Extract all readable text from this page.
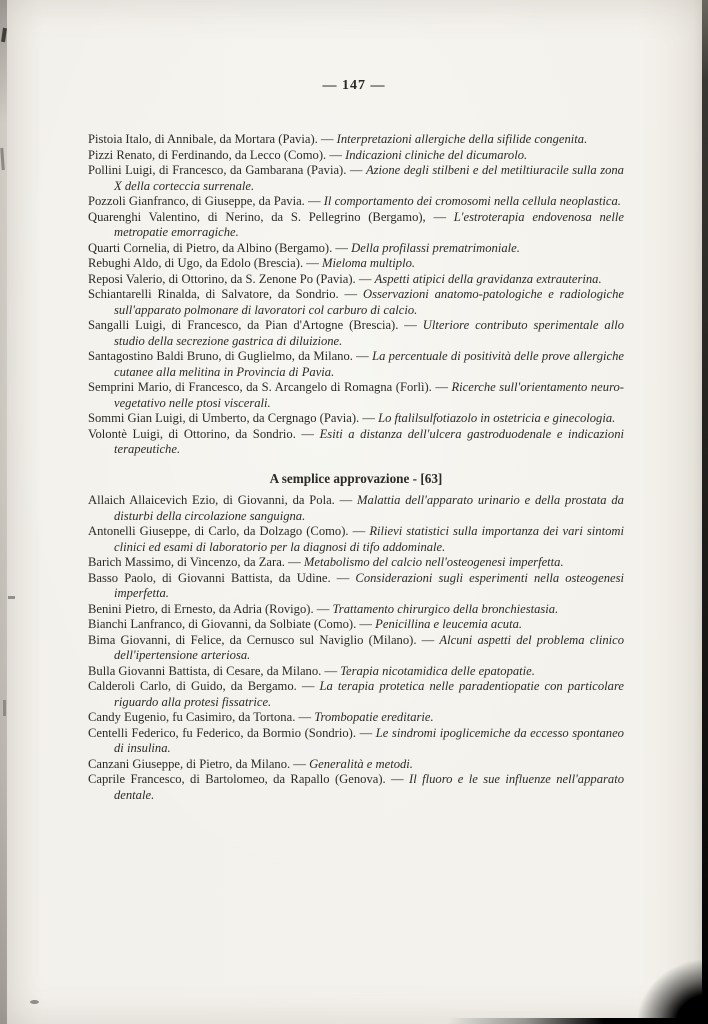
— 147 —

Pistoia Italo, di Annibale, da Mortara (Pavia). — Interpretazioni allergiche della sifilide congenita.

Pizzi Renato, di Ferdinando, da Lecco (Como). — Indicazioni cliniche del dicumarolo.

Pollini Luigi, di Francesco, da Gambarana (Pavia). — Azione degli stilbeni e del metiltiuracile sulla zona X della corteccia surrenale.

Pozzoli Gianfranco, di Giuseppe, da Pavia. — Il comportamento dei cromosomi nella cellula neoplastica.

Quarenghi Valentino, di Nerino, da S. Pellegrino (Bergamo), — L'estroterapia endovenosa nelle metropatie emorragiche.

Quarti Cornelia, di Pietro, da Albino (Bergamo). — Della profilassi prematrimoniale.

Rebughi Aldo, di Ugo, da Edolo (Brescia). — Mieloma multiplo.

Reposi Valerio, di Ottorino, da S. Zenone Po (Pavia). — Aspetti atipici della gravidanza extrauterina.

Schiantarelli Rinalda, di Salvatore, da Sondrio. — Osservazioni anatomo-patologiche e radiologiche sull'apparato polmonare di lavoratori col carburo di calcio.

Sangalli Luigi, di Francesco, da Pian d'Artogne (Brescia). — Ulteriore contributo sperimentale allo studio della secrezione gastrica di diluizione.

Santagostino Baldi Bruno, di Guglielmo, da Milano. — La percentuale di positività delle prove allergiche cutanee alla melitina in Provincia di Pavia.

Semprini Mario, di Francesco, da S. Arcangelo di Romagna (Forlì). — Ricerche sull'orientamento neuro-vegetativo nelle ptosi viscerali.

Sommi Gian Luigi, di Umberto, da Cergnago (Pavia). — Lo ftalilsulfotiazolo in ostetricia e ginecologia.

Volontè Luigi, di Ottorino, da Sondrio. — Esiti a distanza dell'ulcera gastroduodenale e indicazioni terapeutiche.

A semplice approvazione - [63]

Allaich Allaicevich Ezio, di Giovanni, da Pola. — Malattia dell'apparato urinario e della prostata da disturbi della circolazione sanguigna.

Antonelli Giuseppe, di Carlo, da Dolzago (Como). — Rilievi statistici sulla importanza dei vari sintomi clinici ed esami di laboratorio per la diagnosi di tifo addominale.

Barich Massimo, di Vincenzo, da Zara. — Metabolismo del calcio nell'osteogenesi imperfetta.

Basso Paolo, di Giovanni Battista, da Udine. — Considerazioni sugli esperimenti nella osteogenesi imperfetta.

Benini Pietro, di Ernesto, da Adria (Rovigo). — Trattamento chirurgico della bronchiestasia.

Bianchi Lanfranco, di Giovanni, da Solbiate (Como). — Penicillina e leucemia acuta.

Bima Giovanni, di Felice, da Cernusco sul Naviglio (Milano). — Alcuni aspetti del problema clinico dell'ipertensione arteriosa.

Bulla Giovanni Battista, di Cesare, da Milano. — Terapia nicotamidica delle epatopatie.

Calderoli Carlo, di Guido, da Bergamo. — La terapia protetica nelle paradentiopatie con particolare riguardo alla protesi fissatrice.

Candy Eugenio, fu Casimiro, da Tortona. — Trombopatie ereditarie.

Centelli Federico, fu Federico, da Bormio (Sondrio). — Le sindromi ipoglicemiche da eccesso spontaneo di insulina.

Canzani Giuseppe, di Pietro, da Milano. — Generalità e metodi.

Caprile Francesco, di Bartolomeo, da Rapallo (Genova). — Il fluoro e le sue influenze nell'apparato dentale.
